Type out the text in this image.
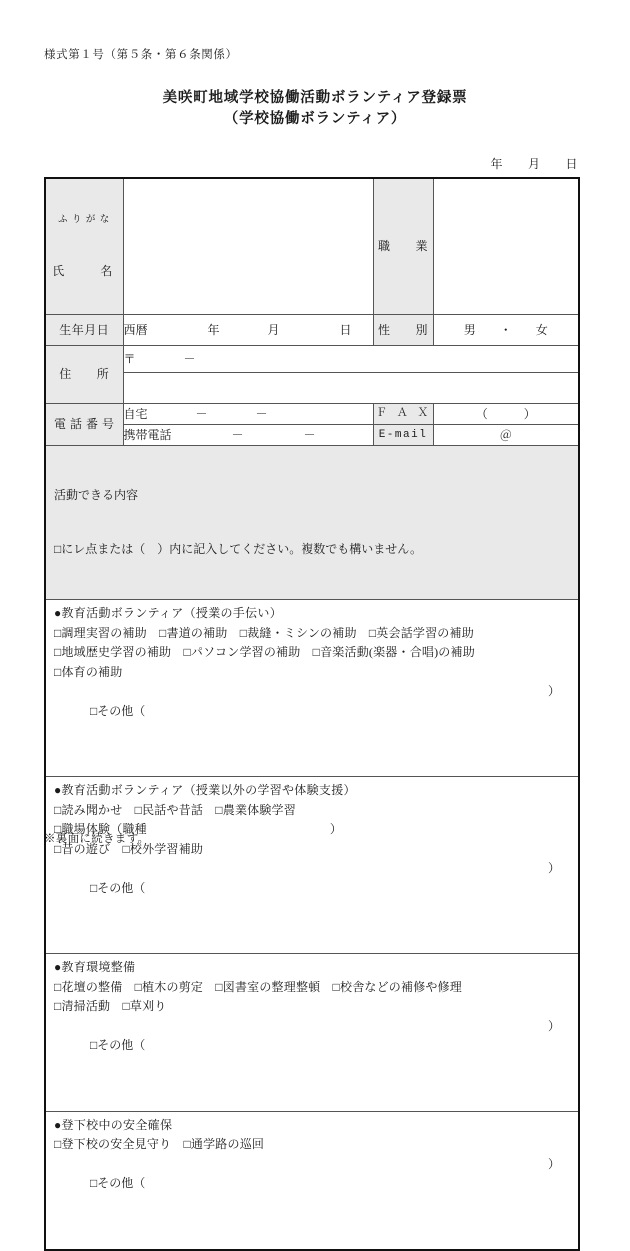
様式第１号（第５条・第６条関係）
美咲町地域学校協働活動ボランティア登録票
（学校協働ボランティア）
年　　月　　日

ふ り が な

氏　　名		職　　業	
生年月日	西暦　　　　　年　　　　月　　　　　日	性　　別	男　　・　　女
住　　所	〒　　　　－		

電 話 番 号	自宅　　　　－　　　　－	Ｆ Ａ Ｘ	（　　　）
	携帯電話　　　　　－　　　　　－	E-mail	＠

活動できる内容

□にレ点または（　）内に記入してください。複数でも構いません。			

●教育活動ボランティア（授業の手伝い）
□調理実習の補助　□書道の補助　□裁縫・ミシンの補助　□英会話学習の補助
□地域歴史学習の補助　□パソコン学習の補助　□音楽活動(楽器・合唱)の補助
□体育の補助

□その他（

）

●教育活動ボランティア（授業以外の学習や体験支援）
□読み聞かせ　□民話や昔話　□農業体験学習
□職場体験（職種　　　　　　　　　　　　　　　）
□昔の遊び　□校外学習補助

□その他（

）

●教育環境整備
□花壇の整備　□植木の剪定　□図書室の整理整頓　□校舎などの補修や修理
□清掃活動　□草刈り

□その他（

）			

●登下校中の安全確保
□登下校の安全見守り　□通学路の巡回

□その他（

）			

※裏面に続きます。
